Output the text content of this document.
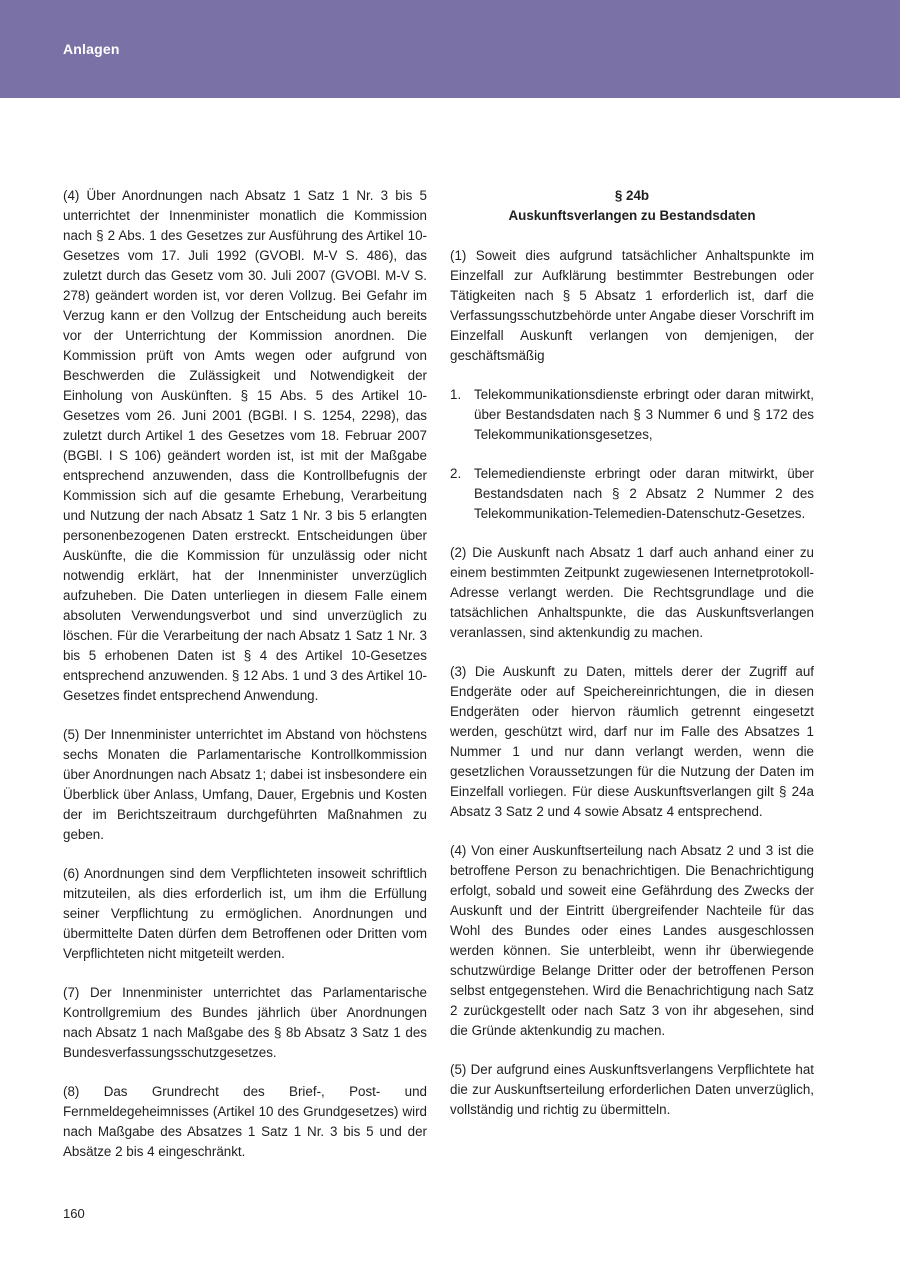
Anlagen

(4) Über Anordnungen nach Absatz 1 Satz 1 Nr. 3 bis 5 unterrichtet der Innenminister monatlich die Kommission nach § 2 Abs. 1 des Gesetzes zur Ausführung des Artikel 10-Gesetzes vom 17. Juli 1992 (GVOBl. M-V S. 486), das zuletzt durch das Gesetz vom 30. Juli 2007 (GVOBl. M-V S. 278) geändert worden ist, vor deren Vollzug. Bei Gefahr im Verzug kann er den Vollzug der Entscheidung auch bereits vor der Unterrichtung der Kommission anordnen. Die Kommission prüft von Amts wegen oder aufgrund von Beschwerden die Zulässigkeit und Notwendigkeit der Einholung von Auskünften. § 15 Abs. 5 des Artikel 10-Gesetzes vom 26. Juni 2001 (BGBl. I S. 1254, 2298), das zuletzt durch Artikel 1 des Gesetzes vom 18. Februar 2007 (BGBl. I S 106) geändert worden ist, ist mit der Maßgabe entsprechend anzuwenden, dass die Kontrollbefugnis der Kommission sich auf die gesamte Erhebung, Verarbeitung und Nutzung der nach Absatz 1 Satz 1 Nr. 3 bis 5 erlangten personenbezogenen Daten erstreckt. Entscheidungen über Auskünfte, die die Kommission für unzulässig oder nicht notwendig erklärt, hat der Innenminister unverzüglich aufzuheben. Die Daten unterliegen in diesem Falle einem absoluten Verwendungsverbot und sind unverzüglich zu löschen. Für die Verarbeitung der nach Absatz 1 Satz 1 Nr. 3 bis 5 erhobenen Daten ist § 4 des Artikel 10-Gesetzes entsprechend anzuwenden. § 12 Abs. 1 und 3 des Artikel 10-Gesetzes findet entsprechend Anwendung.

(5) Der Innenminister unterrichtet im Abstand von höchstens sechs Monaten die Parlamentarische Kontrollkommission über Anordnungen nach Absatz 1; dabei ist insbesondere ein Überblick über Anlass, Umfang, Dauer, Ergebnis und Kosten der im Berichtszeitraum durchgeführten Maßnahmen zu geben.

(6) Anordnungen sind dem Verpflichteten insoweit schriftlich mitzuteilen, als dies erforderlich ist, um ihm die Erfüllung seiner Verpflichtung zu ermöglichen. Anordnungen und übermittelte Daten dürfen dem Betroffenen oder Dritten vom Verpflichteten nicht mitgeteilt werden.

(7) Der Innenminister unterrichtet das Parlamentarische Kontrollgremium des Bundes jährlich über Anordnungen nach Absatz 1 nach Maßgabe des § 8b Absatz 3 Satz 1 des Bundesverfassungsschutzgesetzes.

(8) Das Grundrecht des Brief-, Post- und Fernmeldegeheimnisses (Artikel 10 des Grundgesetzes) wird nach Maßgabe des Absatzes 1 Satz 1 Nr. 3 bis 5 und der Absätze 2 bis 4 eingeschränkt.

§ 24b
Auskunftsverlangen zu Bestandsdaten

(1) Soweit dies aufgrund tatsächlicher Anhaltspunkte im Einzelfall zur Aufklärung bestimmter Bestrebungen oder Tätigkeiten nach § 5 Absatz 1 erforderlich ist, darf die Verfassungsschutzbehörde unter Angabe dieser Vorschrift im Einzelfall Auskunft verlangen von demjenigen, der geschäftsmäßig

1. Telekommunikationsdienste erbringt oder daran mitwirkt, über Bestandsdaten nach § 3 Nummer 6 und § 172 des Telekommunikationsgesetzes,
2. Telemediendienste erbringt oder daran mitwirkt, über Bestandsdaten nach § 2 Absatz 2 Nummer 2 des Telekommunikation-Telemedien-Datenschutz-Gesetzes.

(2) Die Auskunft nach Absatz 1 darf auch anhand einer zu einem bestimmten Zeitpunkt zugewiesenen Internetprotokoll-Adresse verlangt werden. Die Rechtsgrundlage und die tatsächlichen Anhaltspunkte, die das Auskunftsverlangen veranlassen, sind aktenkundig zu machen.

(3) Die Auskunft zu Daten, mittels derer der Zugriff auf Endgeräte oder auf Speichereinrichtungen, die in diesen Endgeräten oder hiervon räumlich getrennt eingesetzt werden, geschützt wird, darf nur im Falle des Absatzes 1 Nummer 1 und nur dann verlangt werden, wenn die gesetzlichen Voraussetzungen für die Nutzung der Daten im Einzelfall vorliegen. Für diese Auskunftsverlangen gilt § 24a Absatz 3 Satz 2 und 4 sowie Absatz 4 entsprechend.

(4) Von einer Auskunftserteilung nach Absatz 2 und 3 ist die betroffene Person zu benachrichtigen. Die Benachrichtigung erfolgt, sobald und soweit eine Gefährdung des Zwecks der Auskunft und der Eintritt übergreifender Nachteile für das Wohl des Bundes oder eines Landes ausgeschlossen werden können. Sie unterbleibt, wenn ihr überwiegende schutzwürdige Belange Dritter oder der betroffenen Person selbst entgegenstehen. Wird die Benachrichtigung nach Satz 2 zurückgestellt oder nach Satz 3 von ihr abgesehen, sind die Gründe aktenkundig zu machen.

(5) Der aufgrund eines Auskunftsverlangens Verpflichtete hat die zur Auskunftserteilung erforderlichen Daten unverzüglich, vollständig und richtig zu übermitteln.

160
